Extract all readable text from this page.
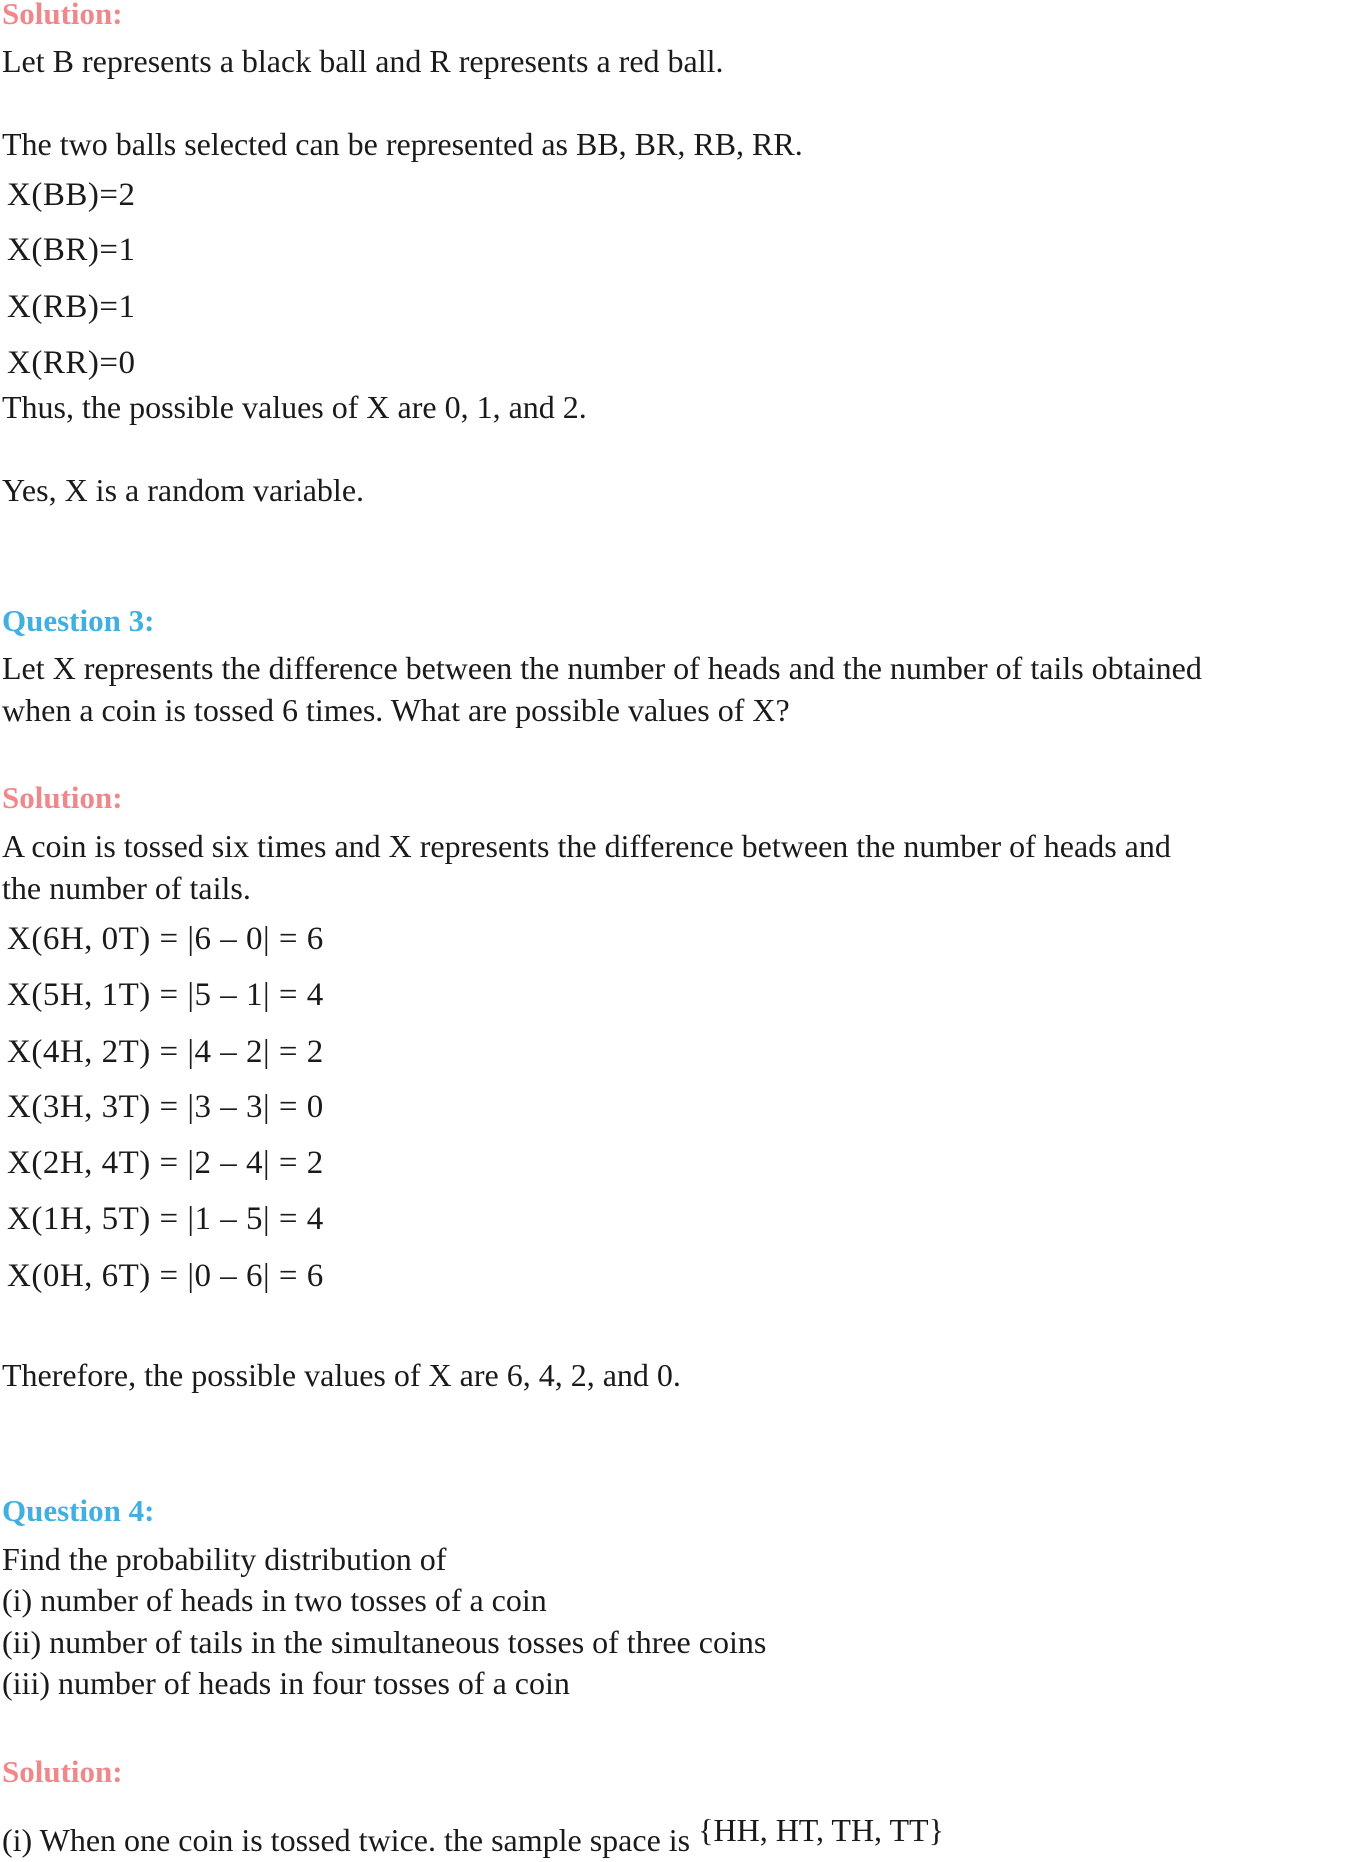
Solution:
Let B represents a black ball and R represents a red ball.
The two balls selected can be represented as BB, BR, RB, RR.
X(BB)=2
X(BR)=1
X(RB)=1
X(RR)=0
Thus, the possible values of X are 0, 1, and 2.
Yes, X is a random variable.
Question 3:
Let X represents the difference between the number of heads and the number of tails obtained
when a coin is tossed 6 times. What are possible values of X?
Solution:
A coin is tossed six times and X represents the difference between the number of heads and
the number of tails.
X(6H, 0T) = |6 – 0| = 6
X(5H, 1T) = |5 – 1| = 4
X(4H, 2T) = |4 – 2| = 2
X(3H, 3T) = |3 – 3| = 0
X(2H, 4T) = |2 – 4| = 2
X(1H, 5T) = |1 – 5| = 4
X(0H, 6T) = |0 – 6| = 6
Therefore, the possible values of X are 6, 4, 2, and 0.
Question 4:
Find the probability distribution of
(i) number of heads in two tosses of a coin
(ii) number of tails in the simultaneous tosses of three coins
(iii) number of heads in four tosses of a coin
Solution:
(i) When one coin is tossed twice. the sample space is {HH, HT, TH, TT}
